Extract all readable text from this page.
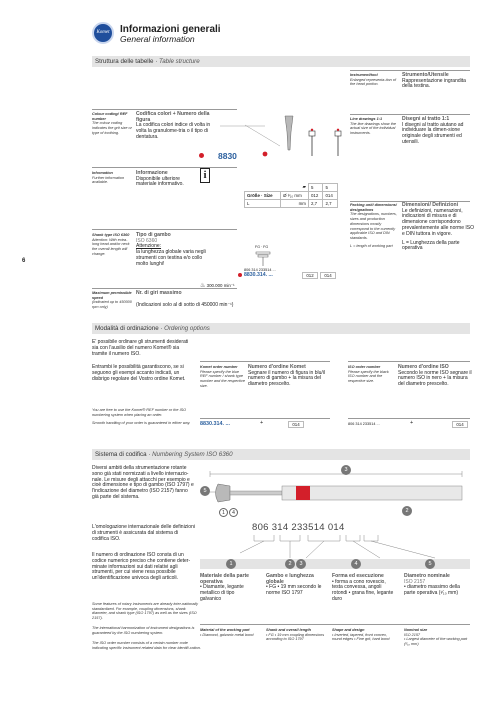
Komet Informazioni generali
General information
6
Struttura delle tabelle · Table structure
Instrument/tool
Enlarged representa-tion of the head portion.
Strumento/Utensile
Rappresentazione ingrandita della testina.
Colour coding/ REF number
The colour coding indicates the grit size or type of toothing.
Codifica colori + Numero della figura
La codifica colori indice di volta in volta la granulome-tria o il tipo di dentatura.
Line drawings 1:1
The line drawings show the actual size of the individual instruments.
Disegni al tratto 1:1
I disegni al tratto aiutano ad individuare la dimen-sione originale degli strumenti ed utensili.
8830
Information
Further information available.
Informazione
Disponibile ulteriore materiale informativo.
i
	▰	5	5
Größe · Size	Ø ¹⁄₁₀ mm	012	014
L	mm	2,7	2,7	Packing unit/ dimensions/ designations
The designations, numbers, sizes and production dimensions mostly correspond to the currently applicable ISO and DIN standards.
L = length of working part
Dimensioni/ Definizioni
Le definizioni, numerazioni, indicazioni di misura e di dimensione corrispondono prevalentemente alle norme ISO e DIN tuttora in vigore.
L = Lunghezza della parte operativa
Shank type ISO 6360
Attention: With extra-long head and/or neck the overall length will change.
Tipo di gambo
ISO 6360
Attenzione:
la lunghezza globale varia negli strumenti con testina e/o collo molto lunghi!
FG · FG
806 314 233514 ...
8830.314. ...	012	014
Maximum permissible speed
(Indicated up to 450000 rpm only)
Nr. di giri massimo
♨ 300.000 min⁻¹
(Indicazioni solo al di sotto di 450000 min⁻¹)
Modalità di ordinazione · Ordering options
E' possibile ordinare gli strumenti desiderati sia con l'ausilio del numero Komet® sia tramite il numero ISO.
Entrambi le possibilità garantiscono, se si seguono gli esempi accanto indicati, un disbrigo regolare del Vostro ordine Komet.
You are free to use the Komet® REF number or the ISO numbering system when placing an order.
Smooth handling of your order is guaranteed in either way.
Komet order number
Please specify the blue REF number / shank type number and the respective size.
Numero d'ordine Komet
Segnare il numero di figura in blu/il numero di gambo + la misura del diametro prescelto.
8830.314. ...	+	014
ISO order number
Please specify the black ISO number and the respective size.
Numero d'ordine ISO
Secondo le norme ISO segnare il numero ISO in nero + la misura del diametro prescelto.
806 314 233514 ...	+	014
Sistema di codifica · Numbering System ISO 6360
Diversi ambiti della strumentazione rotante sono già stati normizzati a livello internazio-nale. Le misure degli attacchi per esempio e cioè dimensione e tipo di gambo (ISO 1797) e l'indicazione del diametro (ISO 2157) fanno già parte del sistema.
L'omologazione internazionale delle definizioni di strumenti è assicurata dal sistema di codifica ISO.
Il numero di ordinazione ISO consta di un codice numerico preciso che contiene deter-minate informazioni sui dati relativi agli strumenti, per cui viene resa possibile un'identificazione univoca degli articoli.
Some features of rotary instruments are already inter-nationally standardized. For example, coupling dimensions, shank diameter, and shank type (ISO 1797) as well as the sizes (ISO 2157).
The international harmonization of instrument designations is guaranteed by the ISO numbering system.
The ISO order number consists of a certain number code indicating specific instrument related data for clear identifi-cation.
3
5
1	4	2
806 314 233514 014
1	2	3	4	5
Materiale della parte operativa
• Diamante, legante metallico di tipo galvanico
Material of the working part
• Diamond, galvanic metal bond
Gambo e lunghezza globale
• FG • 19 mm secondo le norme ISO 1797
Shank and overall length
• FG • 19 mm coupling dimensions according to ISO 1797
Forma ed esecuzione
• forma a cono rovescio, testa convessa, angoli rotondi • grana fine, legante duro
Shape and design
• Inverted, tapered, front convex, round edges • Fine grit, hard bond
Diametro nominale
ISO 2157
• diametro massimo della parte operativa (¹⁄₁₀ mm)
Nominal size
ISO 2157
• Largest diameter of the working part (¹⁄₁₀ mm)
